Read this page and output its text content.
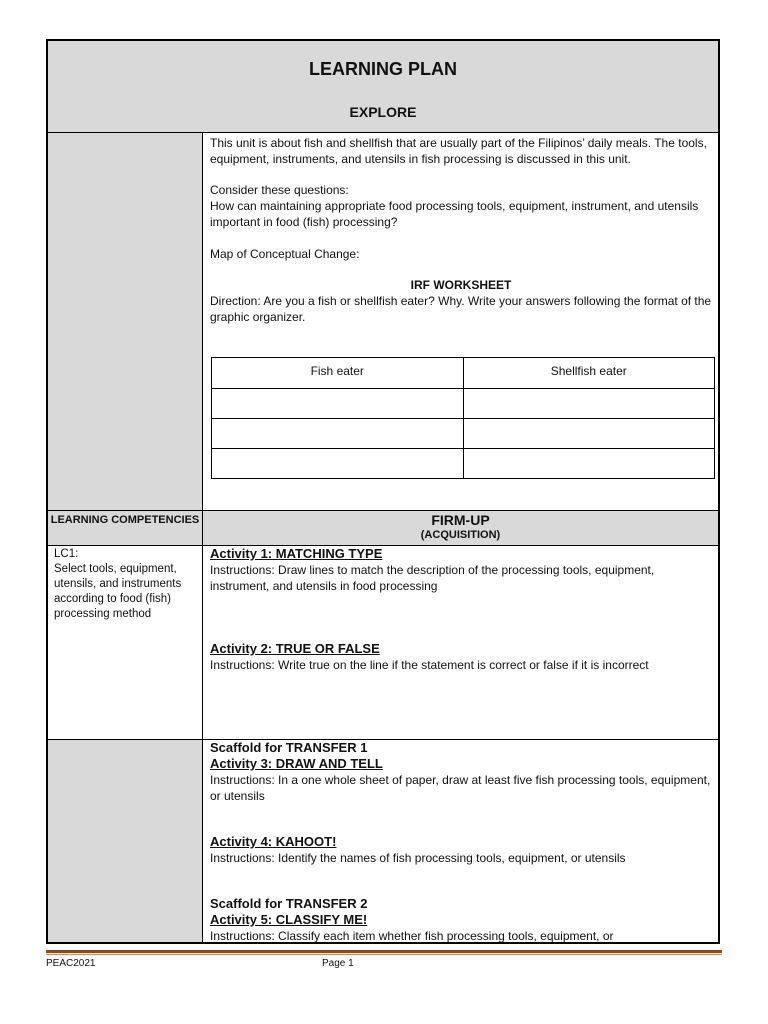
LEARNING PLAN
EXPLORE

This unit is about fish and shellfish that are usually part of the Filipinos’ daily meals. The tools, equipment, instruments, and utensils in fish processing is discussed in this unit.

Consider these questions:

How can maintaining appropriate food processing tools, equipment, instrument, and utensils important in food (fish) processing?

Map of Conceptual Change:

IRF WORKSHEET

Direction: Are you a fish or shellfish eater? Why. Write your answers following the format of the graphic organizer.

Fish eater	Shellfish eater

LEARNING COMPETENCIES	FIRM-UP
(ACQUISITION)

LC1:

Select tools, equipment, utensils, and instruments according to food (fish) processing method

Activity 1: MATCHING TYPE

Instructions: Draw lines to match the description of the processing tools, equipment, instrument, and utensils in food processing

Activity 2: TRUE OR FALSE

Instructions: Write true on the line if the statement is correct or false if it is incorrect

Scaffold for TRANSFER 1

Activity 3: DRAW AND TELL

Instructions: In a one whole sheet of paper, draw at least five fish processing tools, equipment, or utensils

Activity 4: KAHOOT!

Instructions: Identify the names of fish processing tools, equipment, or utensils

Scaffold for TRANSFER 2

Activity 5: CLASSIFY ME!

Instructions: Classify each item whether fish processing tools, equipment, or

PEAC2021	Page 1
